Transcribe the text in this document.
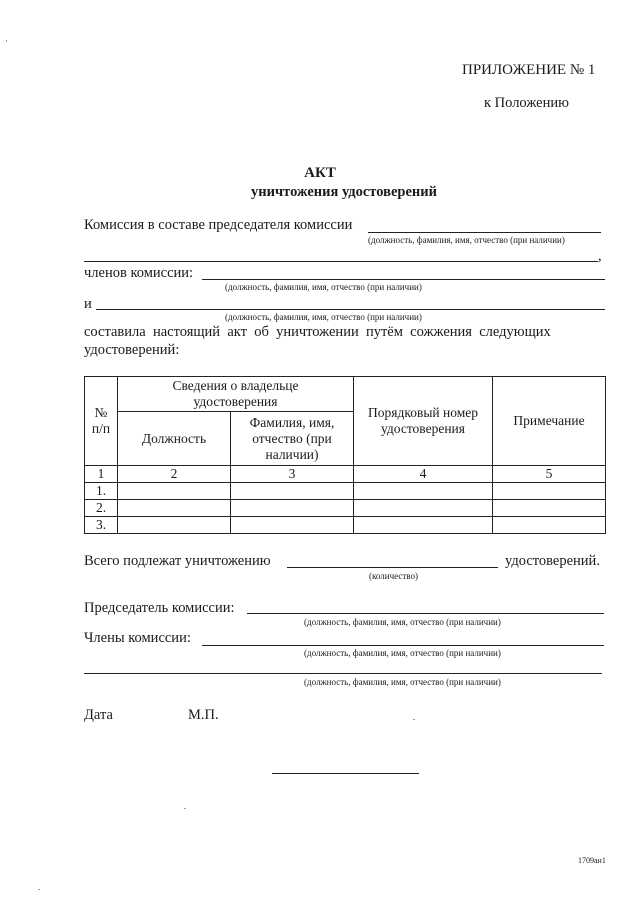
ПРИЛОЖЕНИЕ № 1
к Положению
АКТ
уничтожения удостоверений
Комиссия в составе председателя комиссии
(должность, фамилия, имя, отчество (при наличии)
,
членов комиссии:
(должность, фамилия, имя, отчество (при наличии)
и
(должность, фамилия, имя, отчество (при наличии)
составила  настоящий  акт  об  уничтожении  путём  сожжения  следующих
удостоверений:
№ п/п	Сведения о владельце удостоверения		Порядковый номер удостоверения	Примечание
	Должность	Фамилия, имя, отчество (при наличии)		
1	2	3	4	5
1.				
2.				
3.				
Всего подлежат уничтожению	удостоверений.
(количество)
Председатель комиссии:
(должность, фамилия, имя, отчество (при наличии)
Члены комиссии:
(должность, фамилия, имя, отчество (при наличии)
(должность, фамилия, имя, отчество (при наличии)
Дата	М.П.
1709ан1
